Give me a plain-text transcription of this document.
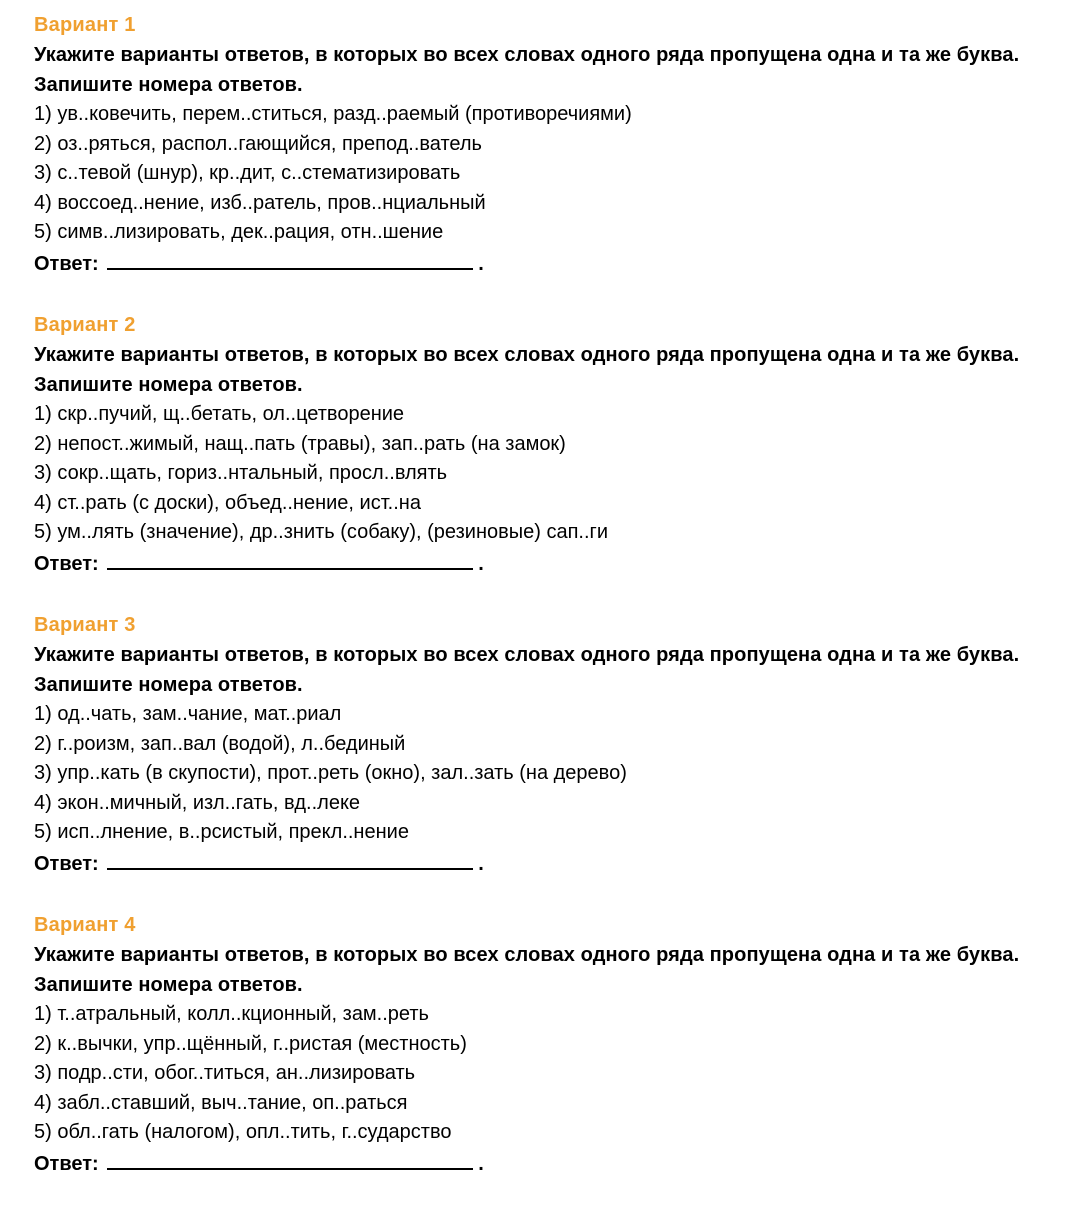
Вариант 1

Укажите варианты ответов, в которых во всех словах одного ряда пропущена одна и та же буква. Запишите номера ответов.

1) ув..ковечить, перем..ститься, разд..раемый (противоречиями)
2) оз..ряться, распол..гающийся, препод..ватель
3) с..тевой (шнур), кр..дит, с..стематизировать
4) воссоед..нение, изб..ратель, пров..нциальный
5) симв..лизировать, дек..рация, отн..шение

Ответ:	.

Вариант 2

Укажите варианты ответов, в которых во всех словах одного ряда пропущена одна и та же буква. Запишите номера ответов.

1) скр..пучий, щ..бетать, ол..цетворение
2) непост..жимый, нащ..пать (травы), зап..рать (на замок)
3) сокр..щать, гориз..нтальный, просл..влять
4) ст..рать (с доски), объед..нение, ист..на
5) ум..лять (значение), др..знить (собаку), (резиновые) сап..ги

Ответ:	.

Вариант 3

Укажите варианты ответов, в которых во всех словах одного ряда пропущена одна и та же буква. Запишите номера ответов.

1) од..чать, зам..чание, мат..риал
2) г..роизм, зап..вал (водой), л..бединый
3) упр..кать (в скупости), прот..реть (окно), зал..зать (на дерево)
4) экон..мичный, изл..гать, вд..леке
5) исп..лнение, в..рсистый, прекл..нение

Ответ:	.

Вариант 4

Укажите варианты ответов, в которых во всех словах одного ряда пропущена одна и та же буква. Запишите номера ответов.

1) т..атральный, колл..кционный, зам..реть
2) к..вычки, упр..щённый, г..ристая (местность)
3) подр..сти, обог..титься, ан..лизировать
4) забл..ставший, выч..тание, оп..раться
5) обл..гать (налогом), опл..тить, г..сударство

Ответ:	.
